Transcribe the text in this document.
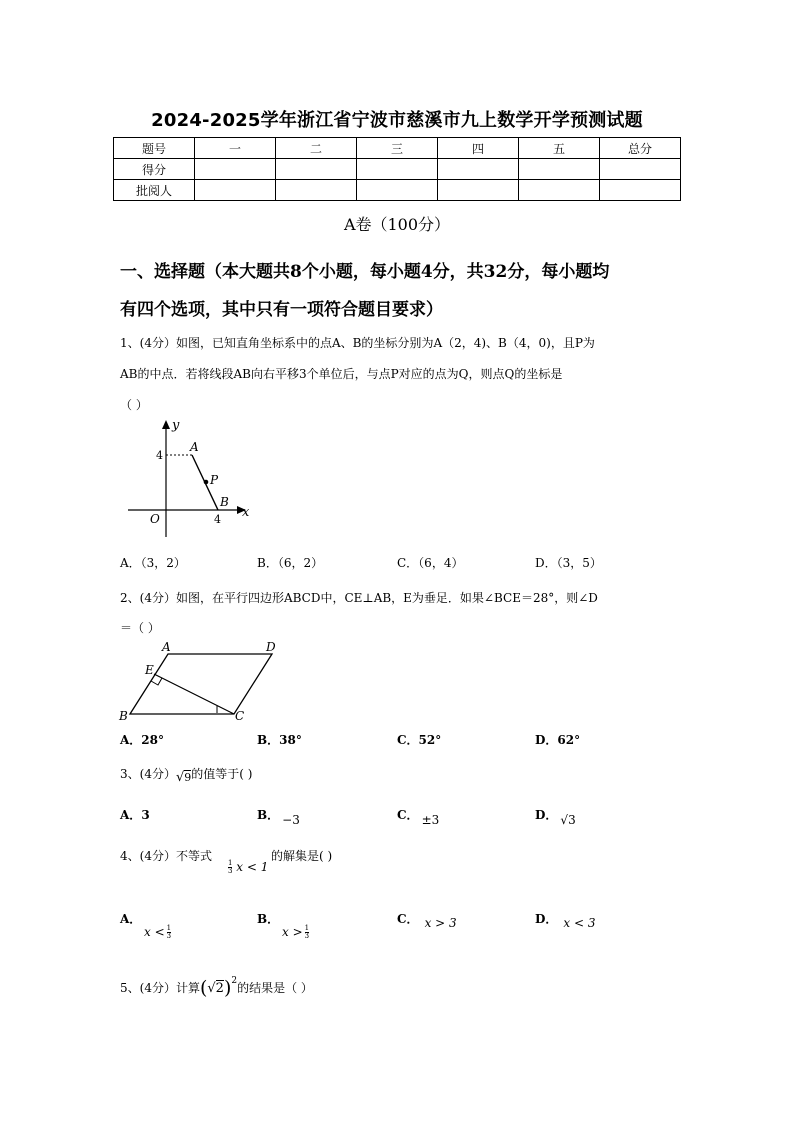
2024-2025学年浙江省宁波市慈溪市九上数学开学预测试题
题号	一	二	三	四	五	总分
得分						
批阅人						
A卷（100分）
一、选择题（本大题共8个小题，每小题4分，共32分，每小题均
有四个选项，其中只有一项符合题目要求）
1、(4分）如图，已知直角坐标系中的点A、B的坐标分别为A（2，4)、B（4，0)，且P为
AB的中点．若将线段AB向右平移3个单位后，与点P对应的点为Q，则点Q的坐标是
（ ）
y
x
A
P
B
O
4
4
A．（3，2）	B．（6，2）	C．（6，4）	D．（3，5）
2、(4分）如图，在平行四边形ABCD中，CE⊥AB，E为垂足．如果∠BCE＝28°，则∠D
＝（ ）
A	D
B	C
E
A．28°	B．38°	C．52°	D．62°
3、(4分）√9的值等于( )
A．3	B． −3	C． ±3	D． √3
4、(4分）不等式
$\frac{1}{3}$ x < 1
的解集是( )
A．
$x < \frac{1}{3}$
B．
$x > \frac{1}{3}$
C． x > 3	D． x < 3
5、(4分）计算$(√2)^2$的结果是（ ）
